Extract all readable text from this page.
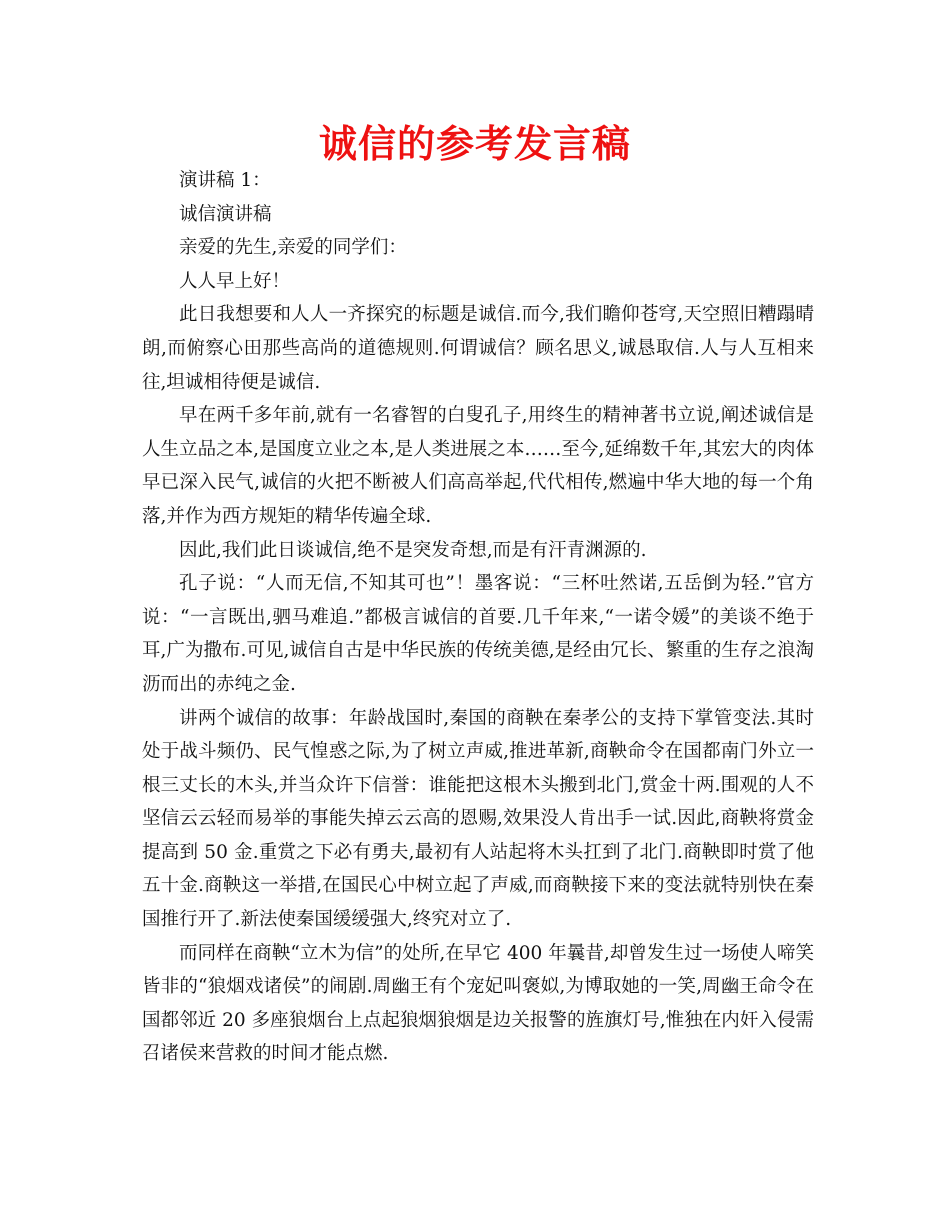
诚信的参考发言稿

演讲稿 1：

诚信演讲稿

亲爱的先生,亲爱的同学们：

人人早上好！

此日我想要和人人一齐探究的标题是诚信.而今,我们瞻仰苍穹,天空照旧糟蹋晴朗,而俯察心田那些高尚的道德规则.何谓诚信？顾名思义,诚恳取信.人与人互相来往,坦诚相待便是诚信.

早在两千多年前,就有一名睿智的白叟孔子,用终生的精神著书立说,阐述诚信是人生立品之本,是国度立业之本,是人类进展之本……至今,延绵数千年,其宏大的肉体早已深入民气,诚信的火把不断被人们高高举起,代代相传,燃遍中华大地的每一个角落,并作为西方规矩的精华传遍全球.

因此,我们此日谈诚信,绝不是突发奇想,而是有汗青渊源的.

孔子说：“人而无信,不知其可也”！墨客说：“三杯吐然诺,五岳倒为轻.”官方说：“一言既出,驷马难追.”都极言诚信的首要.几千年来,“一诺令媛”的美谈不绝于耳,广为撒布.可见,诚信自古是中华民族的传统美德,是经由冗长、繁重的生存之浪淘沥而出的赤纯之金.

讲两个诚信的故事：年龄战国时,秦国的商鞅在秦孝公的支持下掌管变法.其时处于战斗频仍、民气惶惑之际,为了树立声威,推进革新,商鞅命令在国都南门外立一根三丈长的木头,并当众许下信誉：谁能把这根木头搬到北门,赏金十两.围观的人不坚信云云轻而易举的事能失掉云云高的恩赐,效果没人肯出手一试.因此,商鞅将赏金提高到 50 金.重赏之下必有勇夫,最初有人站起将木头扛到了北门.商鞅即时赏了他五十金.商鞅这一举措,在国民心中树立起了声威,而商鞅接下来的变法就特别快在秦国推行开了.新法使秦国缓缓强大,终究对立了.

而同样在商鞅“立木为信”的处所,在早它 400 年曩昔,却曾发生过一场使人啼笑皆非的“狼烟戏诸侯”的闹剧.周幽王有个宠妃叫褒姒,为博取她的一笑,周幽王命令在国都邻近 20 多座狼烟台上点起狼烟狼烟是边关报警的旌旗灯号,惟独在内奸入侵需召诸侯来营救的时间才能点燃.
